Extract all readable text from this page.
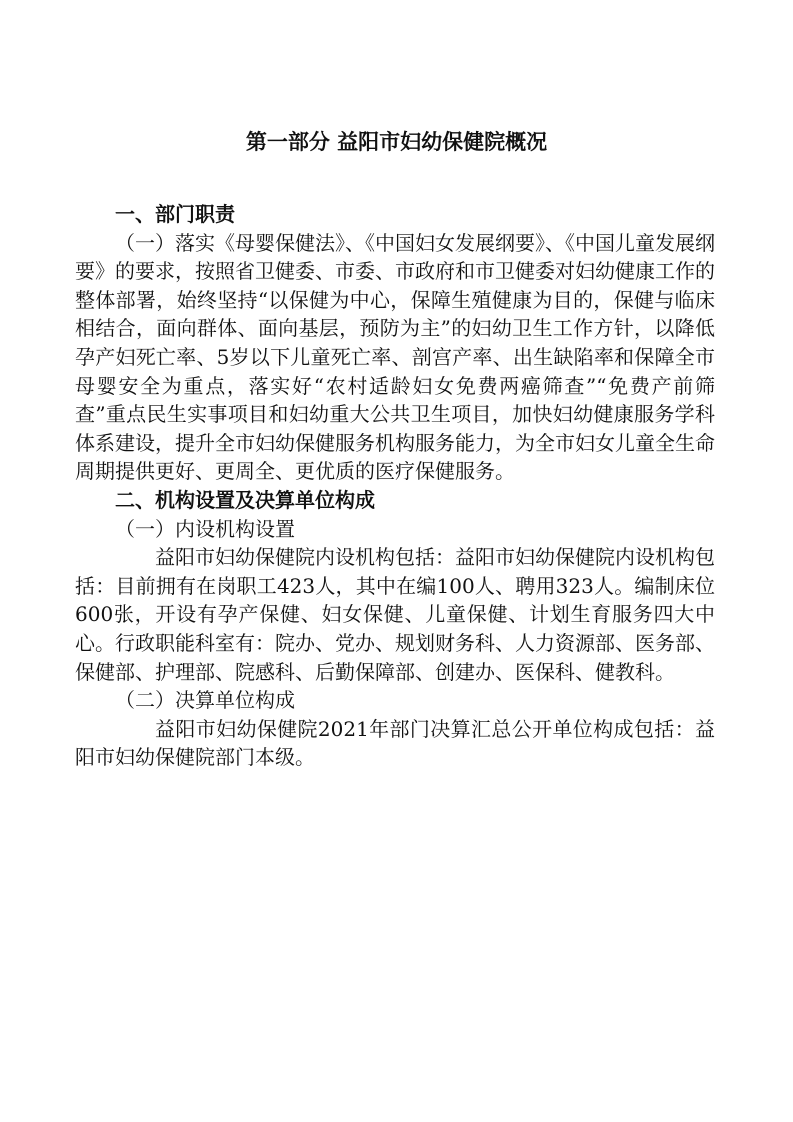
第一部分 益阳市妇幼保健院概况

一、部门职责

（一）落实《母婴保健法》、《中国妇女发展纲要》、《中国儿童发展纲要》的要求，按照省卫健委、市委、市政府和市卫健委对妇幼健康工作的整体部署，始终坚持“以保健为中心，保障生殖健康为目的，保健与临床相结合，面向群体、面向基层，预防为主”的妇幼卫生工作方针，以降低孕产妇死亡率、5岁以下儿童死亡率、剖宫产率、出生缺陷率和保障全市母婴安全为重点，落实好“农村适龄妇女免费两癌筛查”“免费产前筛查”重点民生实事项目和妇幼重大公共卫生项目，加快妇幼健康服务学科体系建设，提升全市妇幼保健服务机构服务能力，为全市妇女儿童全生命周期提供更好、更周全、更优质的医疗保健服务。

二、机构设置及决算单位构成

（一）内设机构设置

益阳市妇幼保健院内设机构包括：益阳市妇幼保健院内设机构包括：目前拥有在岗职工423人，其中在编100人、聘用323人。编制床位600张，开设有孕产保健、妇女保健、儿童保健、计划生育服务四大中心。行政职能科室有：院办、党办、规划财务科、人力资源部、医务部、保健部、护理部、院感科、后勤保障部、创建办、医保科、健教科。

（二）决算单位构成

益阳市妇幼保健院2021年部门决算汇总公开单位构成包括：益阳市妇幼保健院部门本级。
